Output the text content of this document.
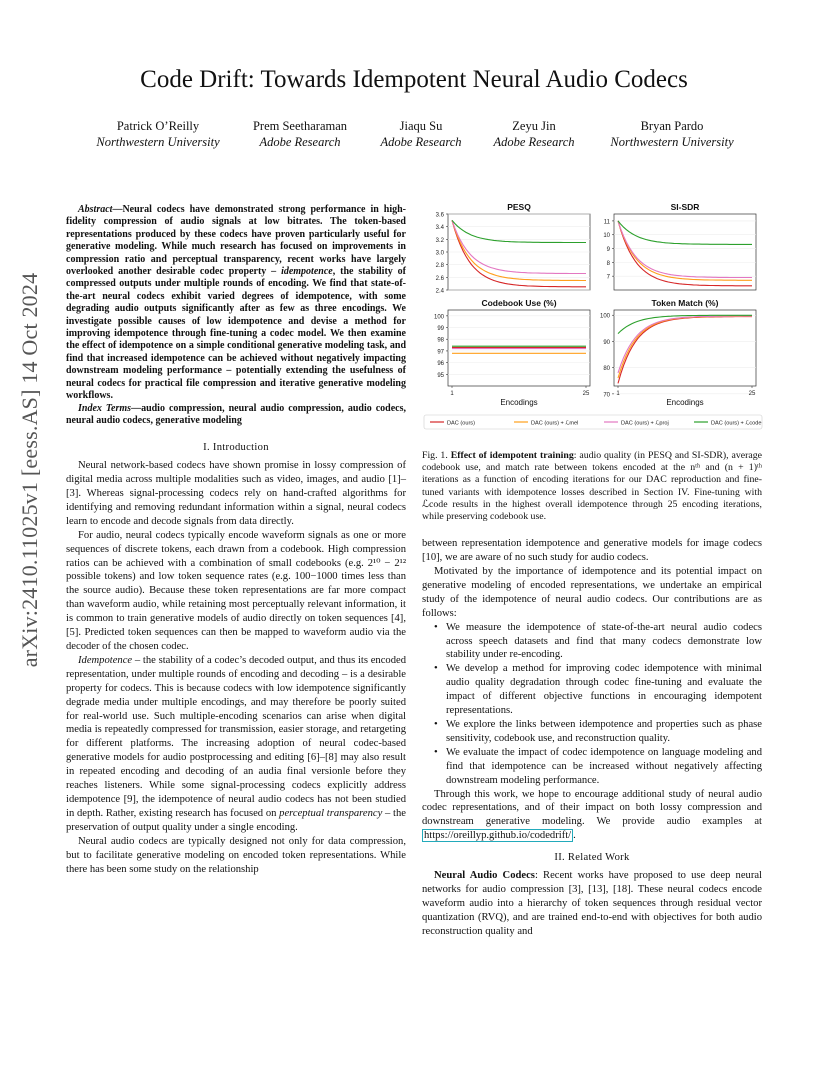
arXiv:2410.11025v1 [eess.AS] 14 Oct 2024
Code Drift: Towards Idempotent Neural Audio Codecs
Patrick O’Reilly
Northwestern University
Prem Seetharaman
Adobe Research
Jiaqu Su
Adobe Research
Zeyu Jin
Adobe Research
Bryan Pardo
Northwestern University

Abstract—Neural codecs have demonstrated strong performance in high-fidelity compression of audio signals at low bitrates. The token-based representations produced by these codecs have proven particularly useful for generative modeling. While much research has focused on improvements in compression ratio and perceptual transparency, recent works have largely overlooked another desirable codec property – idempotence, the stability of compressed outputs under multiple rounds of encoding. We find that state-of-the-art neural codecs exhibit varied degrees of idempotence, with some degrading audio outputs significantly after as few as three encodings. We investigate possible causes of low idempotence and devise a method for improving idempotence through fine-tuning a codec model. We then examine the effect of idempotence on a simple conditional generative modeling task, and find that increased idempotence can be achieved without negatively impacting downstream modeling performance – potentially extending the usefulness of neural codecs for practical file compression and iterative generative modeling workflows.

Index Terms—audio compression, neural audio compression, audio codecs, neural audio codecs, generative modeling

I. Introduction

Neural network-based codecs have shown promise in lossy compression of digital media across multiple modalities such as video, images, and audio [1]–[3]. Whereas signal-processing codecs rely on hand-crafted algorithms for identifying and removing redundant information within a signal, neural codecs learn to encode and decode signals from data directly.

For audio, neural codecs typically encode waveform signals as one or more sequences of discrete tokens, each drawn from a codebook. High compression ratios can be achieved with a combination of small codebooks (e.g. 2¹⁰ − 2¹² possible tokens) and low token sequence rates (e.g. 100−1000 times less than the source audio). Because these token representations are far more compact than waveform audio, while retaining most perceptually relevant information, it is common to train generative models of audio directly on token sequences [4], [5]. Predicted token sequences can then be mapped to waveform audio via the decoder of the chosen codec.

Idempotence – the stability of a codec’s decoded output, and thus its encoded representation, under multiple rounds of encoding and decoding – is a desirable property for codecs. This is because codecs with low idempotence significantly degrade media under multiple encodings, and may therefore be poorly suited for real-world use. Such multiple-encoding scenarios can arise when digital media is repeatedly compressed for transmission, easier storage, and retargeting for different platforms. The increasing adoption of neural codec-based generative models for audio postprocessing and editing [6]–[8] may also result in repeated encoding and decoding of an audia final versionle before they reaches listeners. While some signal-processing codecs explicitly address idempotence [9], the idempotence of neural audio codecs has not been studied in depth. Rather, existing research has focused on perceptual transparency – the preservation of output quality under a single encoding.

Neural audio codecs are typically designed not only for data compression, but to facilitate generative modeling on encoded token representations. While there has been some study on the relationship

PESQ
3.6
3.4
3.2
3.0
2.8
2.6
2.4
SI-SDR
11
10
9
8
7
Codebook Use (%)
100
99
98
97
96
95
1	25
Encodings
Token Match (%)
100
90
80
70 1	25
Encodings
DAC (ours)	DAC (ours) + ℒmel	DAC (ours) + ℒproj	DAC (ours) + ℒcode

Fig. 1. Effect of idempotent training: audio quality (in PESQ and SI-SDR), average codebook use, and match rate between tokens encoded at the nᵗʰ and (n + 1)ᵗʰ iterations as a function of encoding iterations for our DAC reproduction and fine-tuned variants with idempotence losses described in Section IV. Fine-tuning with ℒcode results in the highest overall idempotence through 25 encoding iterations, while preserving codebook use.

between representation idempotence and generative models for image codecs [10], we are aware of no such study for audio codecs.

Motivated by the importance of idempotence and its potential impact on generative modeling of encoded representations, we undertake an empirical study of the idempotence of neural audio codecs. Our contributions are as follows:

• We measure the idempotence of state-of-the-art neural audio codecs across speech datasets and find that many codecs demonstrate low stability under re-encoding.
• We develop a method for improving codec idempotence with minimal audio quality degradation through codec fine-tuning and evaluate the impact of different objective functions in encouraging idempotent representations.
• We explore the links between idempotence and properties such as phase sensitivity, codebook use, and reconstruction quality.
• We evaluate the impact of codec idempotence on language modeling and find that idempotence can be increased without negatively affecting downstream modeling performance.

Through this work, we hope to encourage additional study of neural audio codec representations, and of their impact on both lossy compression and downstream generative modeling. We provide audio examples at https://oreillyp.github.io/codedrift/ .

II. Related Work

Neural Audio Codecs: Recent works have proposed to use deep neural networks for audio compression [3], [13], [18]. These neural codecs encode waveform audio into a hierarchy of token sequences through residual vector quantization (RVQ), and are trained end-to-end with objectives for both audio reconstruction quality and
